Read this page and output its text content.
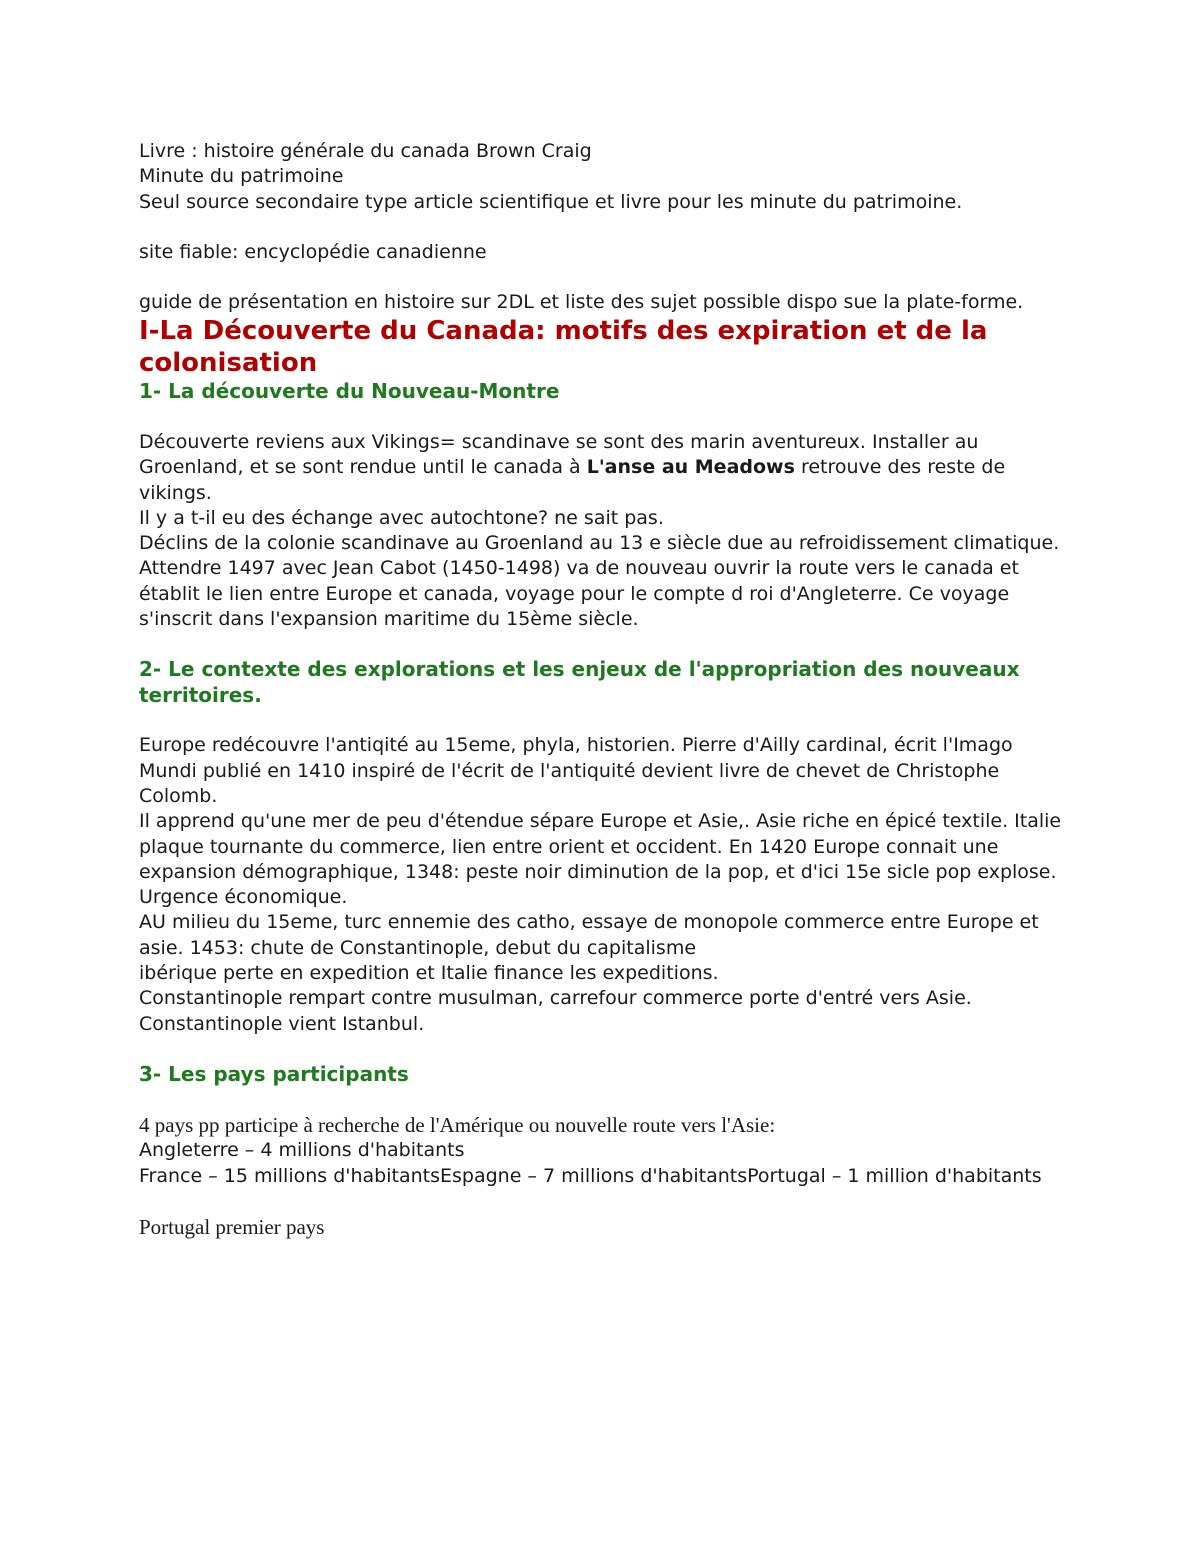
Livre : histoire générale du canada Brown Craig

Minute du patrimoine

Seul source secondaire type article scientifique et livre pour les minute du patrimoine.

site fiable: encyclopédie canadienne

guide de présentation en histoire sur 2DL et liste des sujet possible dispo sue la plate-forme.

I-La Découverte du Canada: motifs des expiration et de la colonisation

1- La découverte du Nouveau-Montre

Découverte reviens aux Vikings= scandinave se sont des marin aventureux. Installer au Groenland, et se sont rendue until le canada à L'anse au Meadows retrouve des reste de vikings.

Il y a t-il eu des échange avec autochtone? ne sait pas.

Déclins de la colonie scandinave au Groenland au 13 e siècle due au refroidissement climatique.

Attendre 1497 avec Jean Cabot (1450-1498) va de nouveau ouvrir la route vers le canada et établit le lien entre Europe et canada, voyage pour le compte d roi d'Angleterre. Ce voyage s'inscrit dans l'expansion maritime du 15ème siècle.

2- Le contexte des explorations et les enjeux de l'appropriation des nouveaux territoires.

Europe redécouvre l'antiqité au 15eme, phyla, historien. Pierre d'Ailly cardinal, écrit l'Imago Mundi publié en 1410 inspiré de l'écrit de l'antiquité devient livre de chevet de Christophe Colomb.

Il apprend qu'une mer de peu d'étendue sépare Europe et Asie,. Asie riche en épicé textile. Italie plaque tournante du commerce, lien entre orient et occident. En 1420 Europe connait une expansion démographique, 1348: peste noir diminution de la pop, et d'ici 15e sicle pop explose. Urgence économique.

AU milieu du 15eme, turc ennemie des catho, essaye de monopole commerce entre Europe et asie. 1453: chute de Constantinople, debut du capitalisme

ibérique perte en expedition et Italie finance les expeditions.

Constantinople rempart contre musulman, carrefour commerce porte d'entré vers Asie.

Constantinople vient Istanbul.

3- Les pays participants

4 pays pp participe à recherche de l'Amérique ou nouvelle route vers l'Asie:

Angleterre – 4 millions d'habitants

France – 15 millions d'habitantsEspagne – 7 millions d'habitantsPortugal – 1 million d'habitants

Portugal premier pays
